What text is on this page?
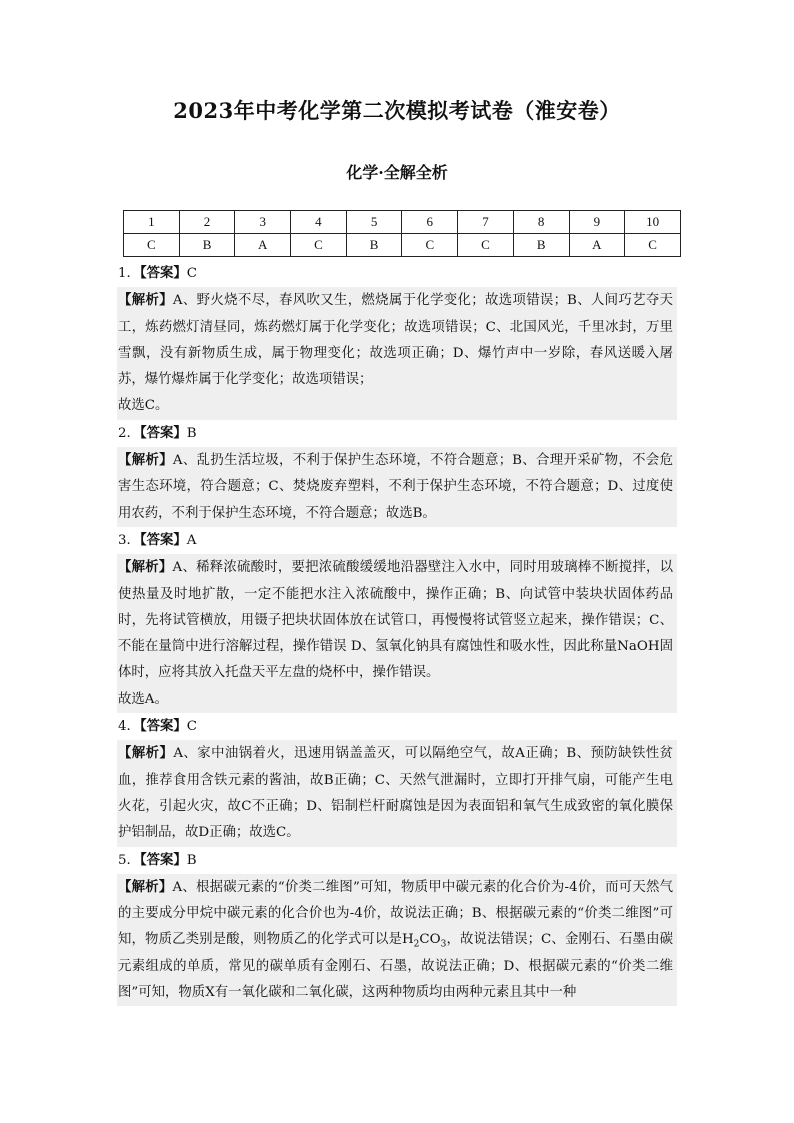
2023年中考化学第二次模拟考试卷（淮安卷）
化学·全解全析
1	2	3	4	5	6	7	8	9	10
C	B	A	C	B	C	C	B	A	C
1．【答案】C

【解析】A、野火烧不尽，春风吹又生，燃烧属于化学变化；故选项错误；B、人间巧艺夺天工，炼药燃灯清昼同，炼药燃灯属于化学变化；故选项错误；C、北国风光，千里冰封，万里雪飘，没有新物质生成，属于物理变化；故选项正确；D、爆竹声中一岁除，春风送暖入屠苏，爆竹爆炸属于化学变化；故选项错误；

故选C。

2．【答案】B

【解析】A、乱扔生活垃圾，不利于保护生态环境，不符合题意；B、合理开采矿物，不会危害生态环境，符合题意；C、焚烧废弃塑料，不利于保护生态环境，不符合题意；D、过度使用农药，不利于保护生态环境，不符合题意；故选B。

3．【答案】A

【解析】A、稀释浓硫酸时，要把浓硫酸缓缓地沿器壁注入水中，同时用玻璃棒不断搅拌，以使热量及时地扩散，一定不能把水注入浓硫酸中，操作正确；B、向试管中装块状固体药品时，先将试管横放，用镊子把块状固体放在试管口，再慢慢将试管竖立起来，操作错误；C、不能在量筒中进行溶解过程，操作错误 D、氢氧化钠具有腐蚀性和吸水性，因此称量NaOH固体时，应将其放入托盘天平左盘的烧杯中，操作错误。

故选A。

4．【答案】C

【解析】A、家中油锅着火，迅速用锅盖盖灭，可以隔绝空气，故A正确；B、预防缺铁性贫血，推荐食用含铁元素的酱油，故B正确；C、天然气泄漏时，立即打开排气扇，可能产生电火花，引起火灾，故C不正确；D、铝制栏杆耐腐蚀是因为表面铝和氧气生成致密的氧化膜保护铝制品，故D正确；故选C。

5．【答案】B

【解析】A、根据碳元素的“价类二维图”可知，物质甲中碳元素的化合价为-4价，而可天然气的主要成分甲烷中碳元素的化合价也为-4价，故说法正确；B、根据碳元素的“价类二维图”可知，物质乙类别是酸，则物质乙的化学式可以是$H_2CO_3$，故说法错误；C、金刚石、石墨由碳元素组成的单质，常见的碳单质有金刚石、石墨，故说法正确；D、根据碳元素的“价类二维图”可知，物质X有一氧化碳和二氧化碳，这两种物质均由两种元素且其中一种
